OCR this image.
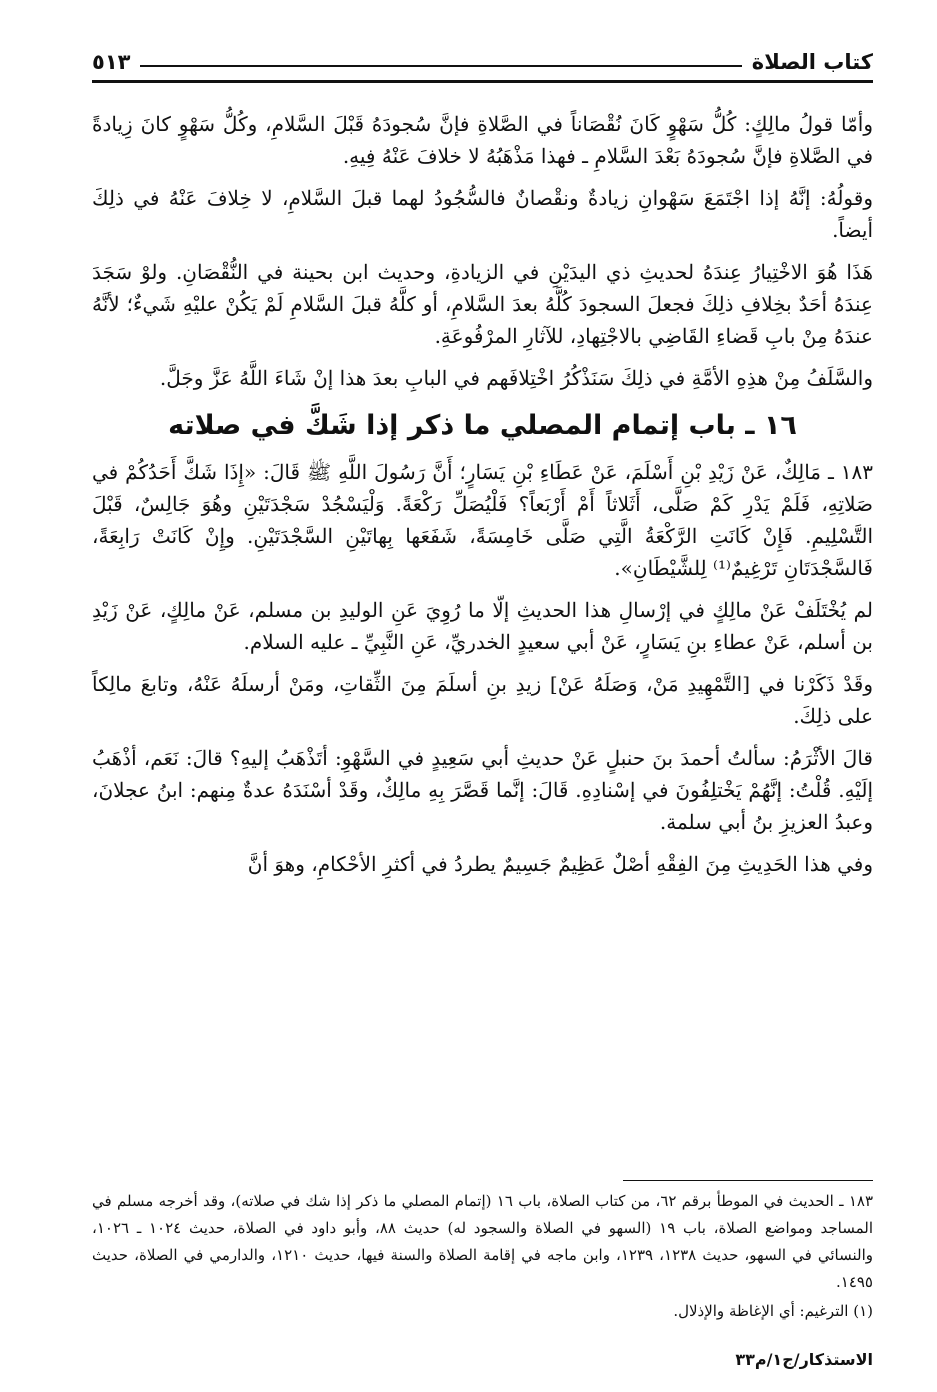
كتاب الصلاة
٥١٣

وأمّا قولُ مالِكٍ: كُلُّ سَهْوٍ كَانَ نُقْصَاناً في الصَّلاةِ فإنَّ سُجودَهُ قَبْلَ السَّلامِ، وكُلُّ سَهْوٍ كانَ زِيادةً في الصَّلاةِ فإنَّ سُجودَهُ بَعْدَ السَّلامِ ـ فهذا مَذْهَبُهُ لا خلافَ عَنْهُ فِيهِ.

وقولُهُ: إنَّهُ إذا اجْتَمَعَ سَهْوانِ زيادةٌ ونقْصانٌ فالسُّجُودُ لهما قبلَ السَّلامِ، لا خِلافَ عَنْهُ في ذلِكَ أيضاً.

هَذَا هُوَ الاخْتِيارُ عِندَهُ لحديثِ ذي اليدَيْنِ في الزيادةِ، وحديث ابن بحينة في النُّقْصَانِ. ولوْ سَجَدَ عِندَهُ أحَدٌ بخِلافِ ذلِكَ فجعلَ السجودَ كُلَّهُ بعدَ السَّلامِ، أو كلَّهُ قبلَ السَّلامِ لَمْ يَكُنْ عليْهِ شَيءٌ؛ لأنَّهُ عندَهُ مِنْ بابِ قَضاءِ القَاضِي بالاجْتِهادِ، للآثارِ المرْفُوعَةِ.

والسَّلَفُ مِنْ هذِهِ الأمَّةِ في ذلِكَ سَنَذْكُرُ اخْتِلافَهم في البابِ بعدَ هذا إنْ شَاءَ اللَّهُ عَزَّ وجَلَّ.

١٦ ـ باب إتمام المصلي ما ذكر إذا شَكَّ في صلاته

١٨٣ ـ مَالِكٌ، عَنْ زَيْدِ بْنِ أَسْلَمَ، عَنْ عَطَاءِ بْنِ يَسَارٍ؛ أَنَّ رَسُولَ اللَّهِ ﷺ قَالَ: «إِذَا شَكَّ أَحَدُكُمْ في صَلاتِهِ، فَلَمْ يَدْرِ كَمْ صَلَّى، أَثَلاثاً أَمْ أَرْبَعاً؟ فَلْيُصَلِّ رَكْعَةً. وَلْيَسْجُدْ سَجْدَتَيْنِ وهُوَ جَالِسٌ، قَبْلَ التَّسْلِيمِ. فَإِنْ كَانَتِ الرَّكْعَةُ الَّتِي صَلَّى خَامِسَةً، شَفَعَها بِهاتَيْنِ السَّجْدَتَيْنِ. وإِنْ كَانَتْ رَابِعَةً، فَالسَّجْدَتَانِ تَرْغِيمٌ⁽¹⁾ لِلشَّيْطَانِ».

لم يُخْتَلَفْ عَنْ مالِكٍ في إرْسالِ هذا الحديثِ إلّا ما رُوِيَ عَنِ الوليدِ بن مسلم، عَنْ مالِكٍ، عَنْ زَيْدِ بن أسلم، عَنْ عطاءِ بنِ يَسَارٍ، عَنْ أبي سعيدٍ الخدريِّ، عَنِ النَّبِيِّ ـ عليه السلام.

وقَدْ ذَكَرْنا في [التَّمْهِيدِ مَنْ، وَصَلَهُ عَنْ] زيدِ بنِ أسلَمَ مِنَ الثِّقاتِ، ومَنْ أرسلَهُ عَنْهُ، وتابعَ مالِكاً على ذلِكَ.

قالَ الأثْرَمُ: سألتُ أحمدَ بنَ حنبلٍ عَنْ حديثِ أبي سَعِيدٍ في السَّهْوِ: أتَذْهَبُ إليهِ؟ قالَ: نَعَم، أذْهَبُ إلَيْهِ. قُلْتُ: إنَّهُمْ يَخْتلِفُونَ في إسْنادِهِ. قَالَ: إنَّما قَصَّرَ بِهِ مالِكٌ، وقَدْ أسْنَدَهُ عدةٌ مِنهم: ابنُ عجلانَ، وعبدُ العزيزِ بنُ أبي سلمة.

وفي هذا الحَدِيثِ مِنَ الفِقْهِ أصْلٌ عَظِيمٌ جَسِيمٌ يطردُ في أكثرِ الأحْكامِ، وهوَ أنَّ

١٨٣ ـ الحديث في الموطأ برقم ٦٢، من كتاب الصلاة، باب ١٦ (إتمام المصلي ما ذكر إذا شك في صلاته)، وقد أخرجه مسلم في المساجد ومواضع الصلاة، باب ١٩ (السهو في الصلاة والسجود له) حديث ٨٨، وأبو داود في الصلاة، حديث ١٠٢٤ ـ ١٠٢٦، والنسائي في السهو، حديث ١٢٣٨، ١٢٣٩، وابن ماجه في إقامة الصلاة والسنة فيها، حديث ١٢١٠، والدارمي في الصلاة، حديث ١٤٩٥.

(١) الترغيم: أي الإغاظة والإذلال.

الاستذكار/ج١/م٣٣
